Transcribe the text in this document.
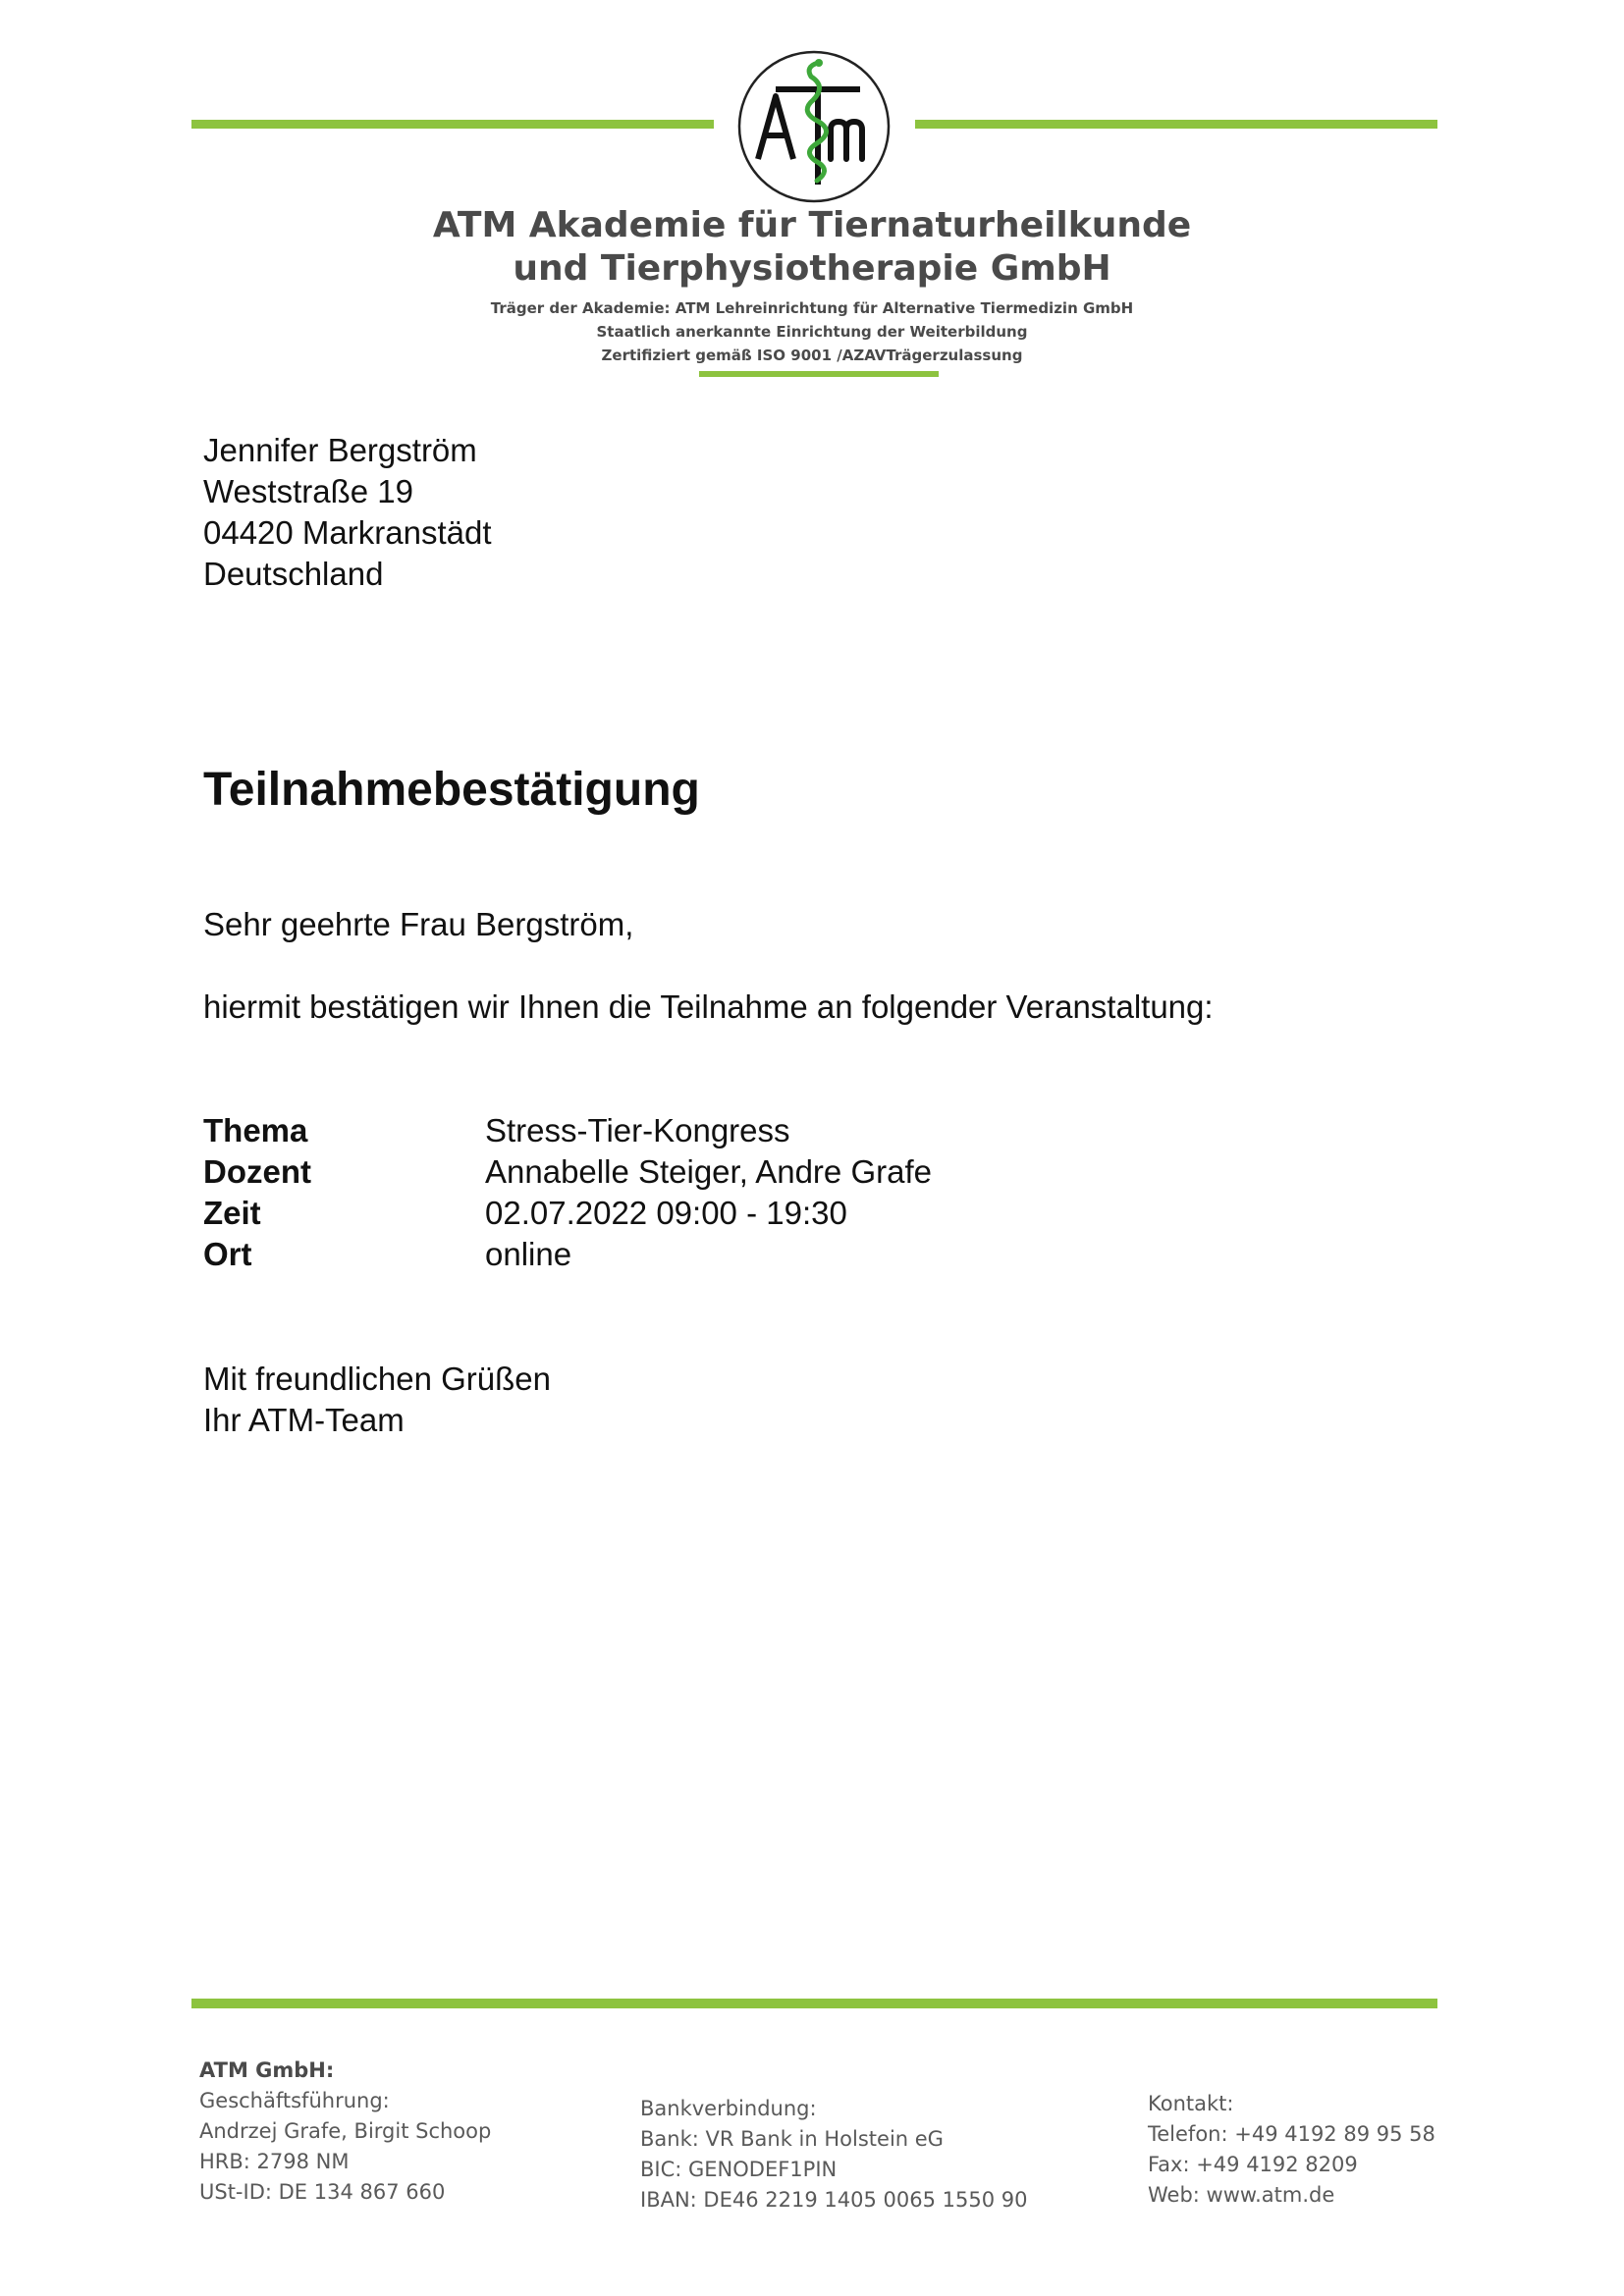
ATM Akademie für Tiernaturheilkunde
und Tierphysiotherapie GmbH
Träger der Akademie: ATM Lehreinrichtung für Alternative Tiermedizin GmbH
Staatlich anerkannte Einrichtung der Weiterbildung
Zertifiziert gemäß ISO 9001 /AZAVTrägerzulassung
Jennifer Bergström
Weststraße 19
04420 Markranstädt
Deutschland
Teilnahmebestätigung
Sehr geehrte Frau Bergström,
hiermit bestätigen wir Ihnen die Teilnahme an folgender Veranstaltung:
Thema	Stress-Tier-Kongress
Dozent	Annabelle Steiger, Andre Grafe
Zeit	02.07.2022 09:00 - 19:30
Ort	online
Mit freundlichen Grüßen
Ihr ATM-Team
ATM GmbH:
Geschäftsführung:
Andrzej Grafe, Birgit Schoop
HRB: 2798 NM
USt-ID: DE 134 867 660
Bankverbindung:
Bank: VR Bank in Holstein eG
BIC: GENODEF1PIN
IBAN: DE46 2219 1405 0065 1550 90
Kontakt:
Telefon: +49 4192 89 95 58
Fax: +49 4192 8209
Web: www.atm.de
